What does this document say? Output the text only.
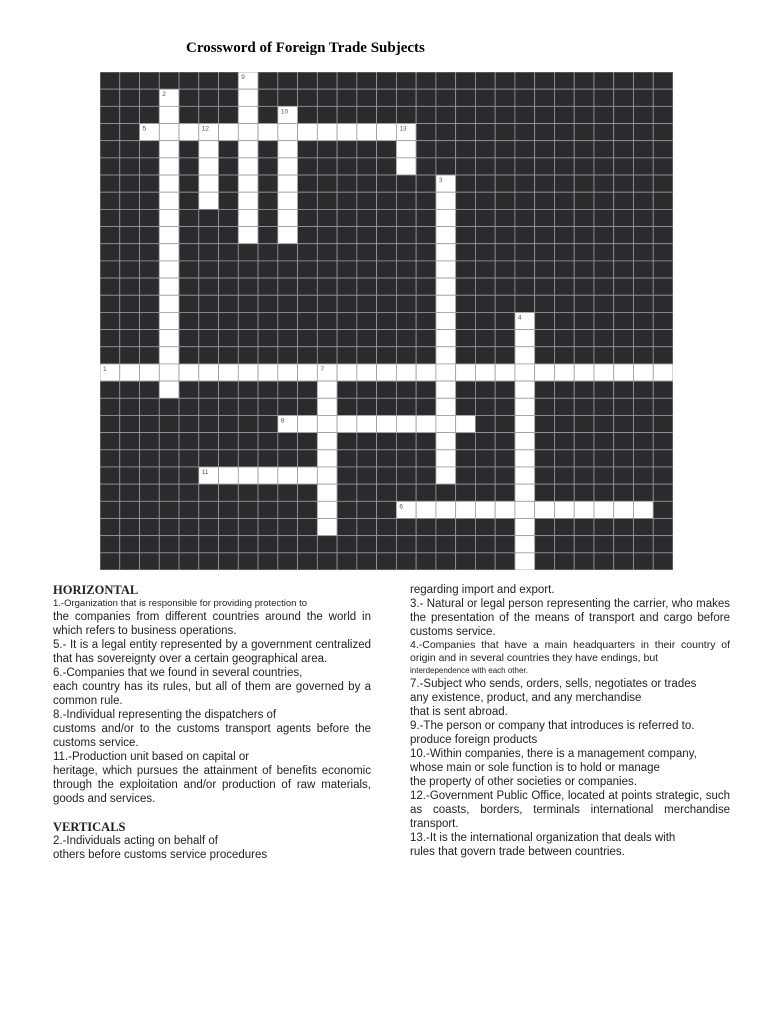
Crossword of Foreign Trade Subjects
1
2
3
4
5
6
7
8
9
10
11
12	13
HORIZONTAL
1.-Organization that is responsible for providing protection to
the companies from different countries around the world in which refers to business operations.
5.- It is a legal entity represented by a government centralized that has sovereignty over a certain geographical area.
6.-Companies that we found in several countries,
each country has its rules, but all of them are governed by a common rule.
8.-Individual representing the dispatchers of
customs and/or to the customs transport agents before the customs service.
11.-Production unit based on capital or
heritage, which pursues the attainment of benefits economic through the exploitation and/or production of raw materials, goods and services.
VERTICALS
2.-Individuals acting on behalf of
others before customs service procedures
regarding import and export.
3.- Natural or legal person representing the carrier, who makes the presentation of the means of transport and cargo before customs service.
4.-Companies that have a main headquarters in their country of origin and in several countries they have endings, but
interdependence with each other.
7.-Subject who sends, orders, sells, negotiates or trades
any existence, product, and any merchandise
that is sent abroad.
9.-The person or company that introduces is referred to.
produce foreign products
10.-Within companies, there is a management company,
whose main or sole function is to hold or manage
the property of other societies or companies.
12.-Government Public Office, located at points strategic, such as coasts, borders, terminals international merchandise transport.
13.-It is the international organization that deals with
rules that govern trade between countries.
